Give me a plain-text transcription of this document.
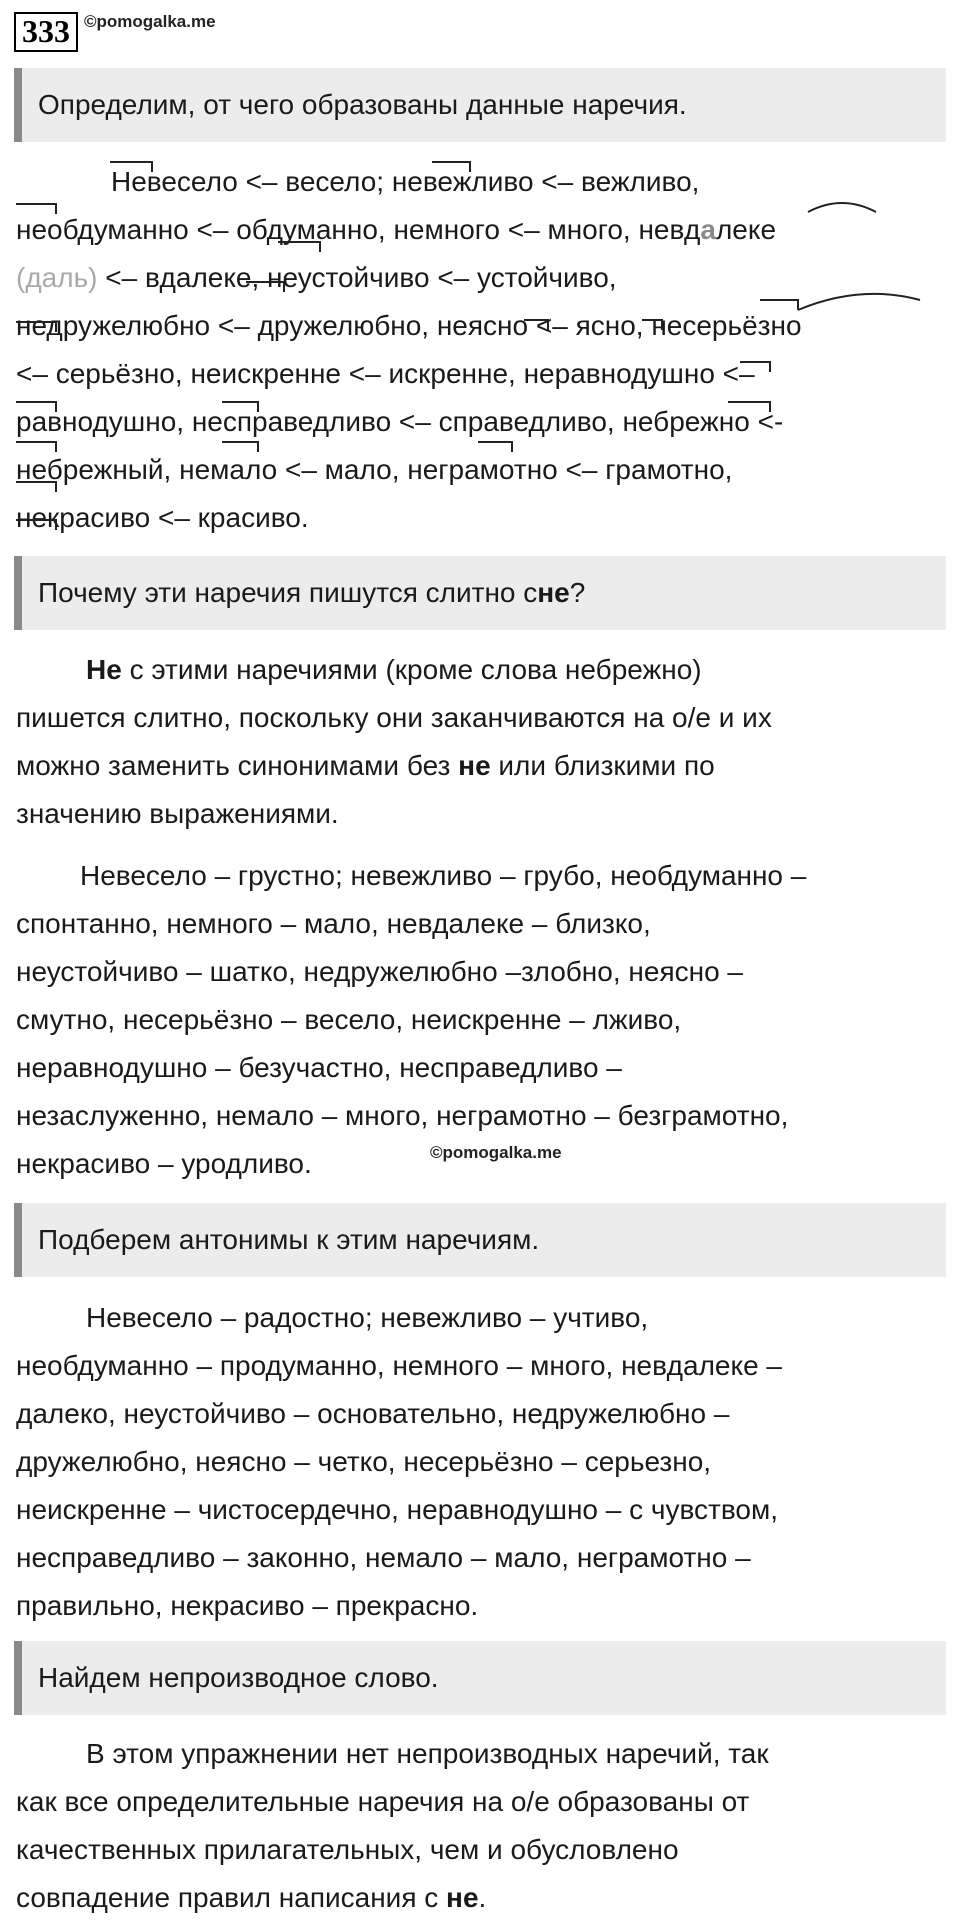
333 ©pomogalka.me
Определим, от чего образованы данные наречия.

Невесело <– весело; невежливо <– вежливо,

необдуманно <– обдуманно, немного <– много, невдалеке

(даль) <– вдалеке, неустойчиво <– устойчиво,

недружелюбно <– дружелюбно, неясно <– ясно, несерьёзно

<– серьёзно, неискренне <– искренне, неравнодушно <–

равнодушно, несправедливо <– справедливо, небрежно <-

небрежный, немало <– мало, неграмотно <– грамотно,

некрасиво <– красиво.

Почему эти наречия пишутся слитно с не ?

Не с этими наречиями (кроме слова небрежно)

пишется слитно, поскольку они заканчиваются на о/е и их

можно заменить синонимами без не или близкими по

значению выражениями.

Невесело – грустно; невежливо – грубо, необдуманно –

спонтанно, немного – мало, невдалеке – близко,

неустойчиво – шатко, недружелюбно –злобно, неясно –

смутно, несерьёзно – весело, неискренне – лживо,

неравнодушно – безучастно, несправедливо –

незаслуженно, немало – много, неграмотно – безграмотно,

некрасиво – уродливо.	©pomogalka.me
Подберем антонимы к этим наречиям.

Невесело – радостно; невежливо – учтиво,

необдуманно – продуманно, немного – много, невдалеке –

далеко, неустойчиво – основательно, недружелюбно –

дружелюбно, неясно – четко, несерьёзно – серьезно,

неискренне – чистосердечно, неравнодушно – с чувством,

несправедливо – законно, немало – мало, неграмотно –

правильно, некрасиво – прекрасно.

Найдем непроизводное слово.

В этом упражнении нет непроизводных наречий, так

как все определительные наречия на о/е образованы от

качественных прилагательных, чем и обусловлено

совпадение правил написания с не.
